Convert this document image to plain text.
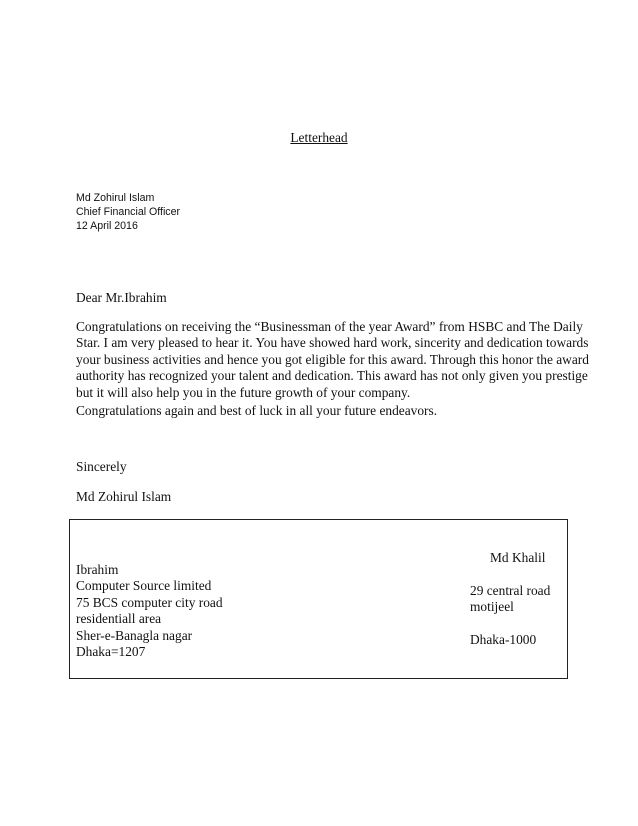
Letterhead
Md Zohirul Islam
Chief Financial Officer
12 April 2016
Dear Mr.Ibrahim
Congratulations on receiving the “Businessman of the year Award” from HSBC and The Daily
Star. I am very pleased to hear it. You have showed hard work, sincerity and dedication towards
your business activities and hence you got eligible for this award. Through this honor the award
authority has recognized your talent and dedication. This award has not only given you prestige
but it will also help you in the future growth of your company.
Congratulations again and best of luck in all your future endeavors.
Sincerely
Md Zohirul Islam
Ibrahim
Computer Source limited
75 BCS computer city road
residentiall area
Sher-e-Banagla nagar
Dhaka=1207
Md Khalil
29 central road
motijeel
Dhaka-1000
